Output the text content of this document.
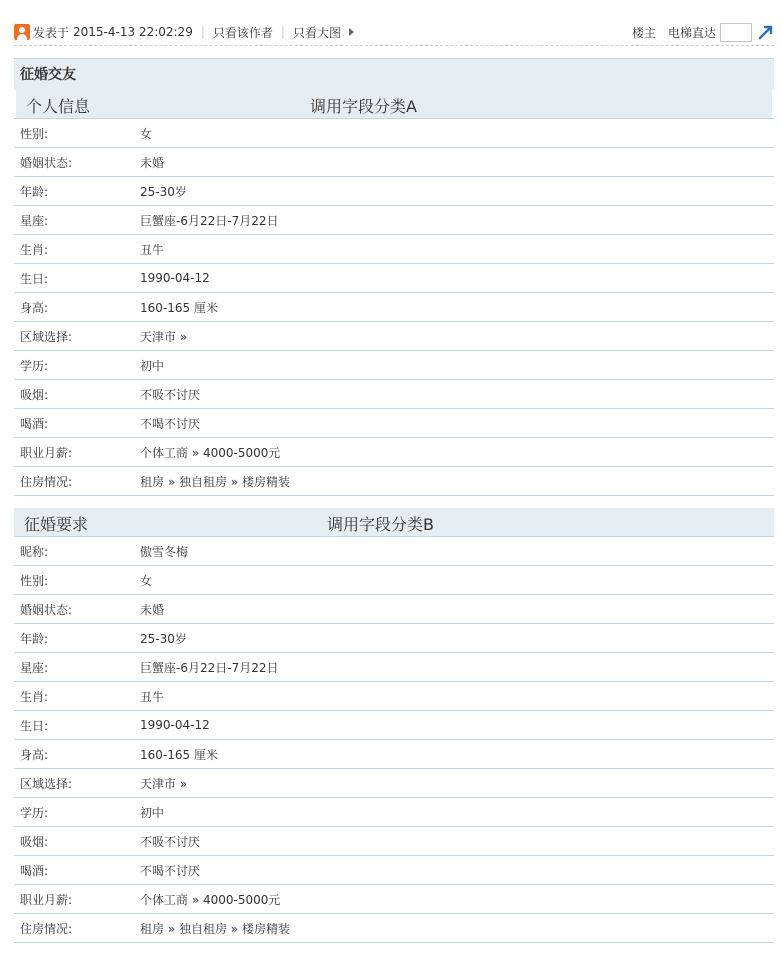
发表于 2015-4-13 22:02:29 | 只看该作者 | 只看大图	楼主 电梯直达
征婚交友
个人信息	调用字段分类A
性别:	女
婚姻状态:	未婚
年龄:	25-30岁
星座:	巨蟹座-6月22日-7月22日
生肖:	丑牛
生日:	1990-04-12
身高:	160-165 厘米
区域选择:	天津市 »
学历:	初中
吸烟:	不吸不讨厌
喝酒:	不喝不讨厌
职业月薪:	个体工商 » 4000-5000元
住房情况:	租房 » 独自租房 » 楼房精装
征婚要求	调用字段分类B
昵称:	傲雪冬梅
性别:	女
婚姻状态:	未婚
年龄:	25-30岁
星座:	巨蟹座-6月22日-7月22日
生肖:	丑牛
生日:	1990-04-12
身高:	160-165 厘米
区域选择:	天津市 »
学历:	初中
吸烟:	不吸不讨厌
喝酒:	不喝不讨厌
职业月薪:	个体工商 » 4000-5000元
住房情况:	租房 » 独自租房 » 楼房精装
